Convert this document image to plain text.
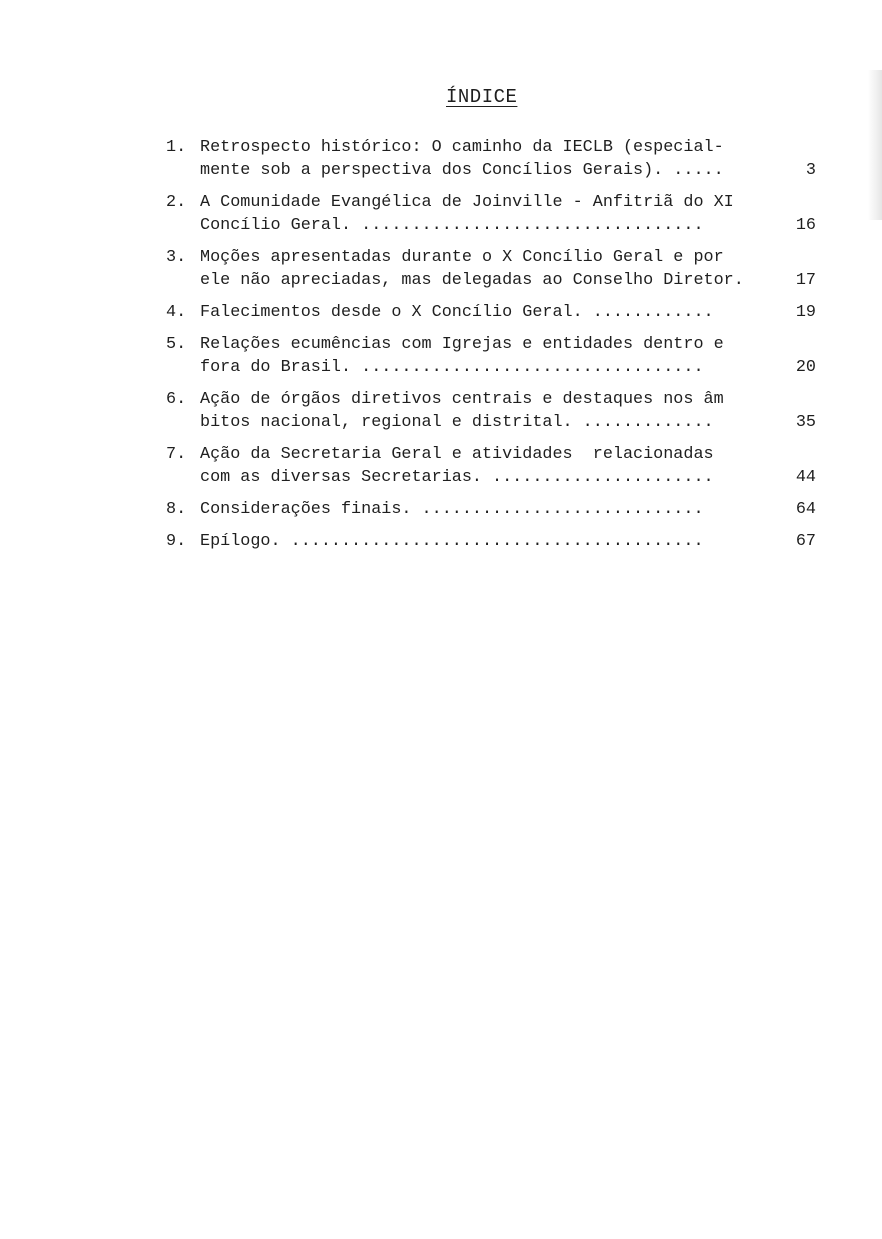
ÍNDICE
1. Retrospecto histórico: O caminho da IECLB (especial-
mente sob a perspectiva dos Concílios Gerais). .....	3
2. A Comunidade Evangélica de Joinville - Anfitriã do XI
Concílio Geral. ..................................	16
3. Moções apresentadas durante o X Concílio Geral e por
ele não apreciadas, mas delegadas ao Conselho Diretor.	17
4. Falecimentos desde o X Concílio Geral. ............	19
5. Relações ecumências com Igrejas e entidades dentro e
fora do Brasil. ..................................	20
6. Ação de órgãos diretivos centrais e destaques nos âm
bitos nacional, regional e distrital. .............	35
7. Ação da Secretaria Geral e atividades  relacionadas
com as diversas Secretarias. ......................	44
8. Considerações finais. ............................	64
9. Epílogo. .........................................	67
